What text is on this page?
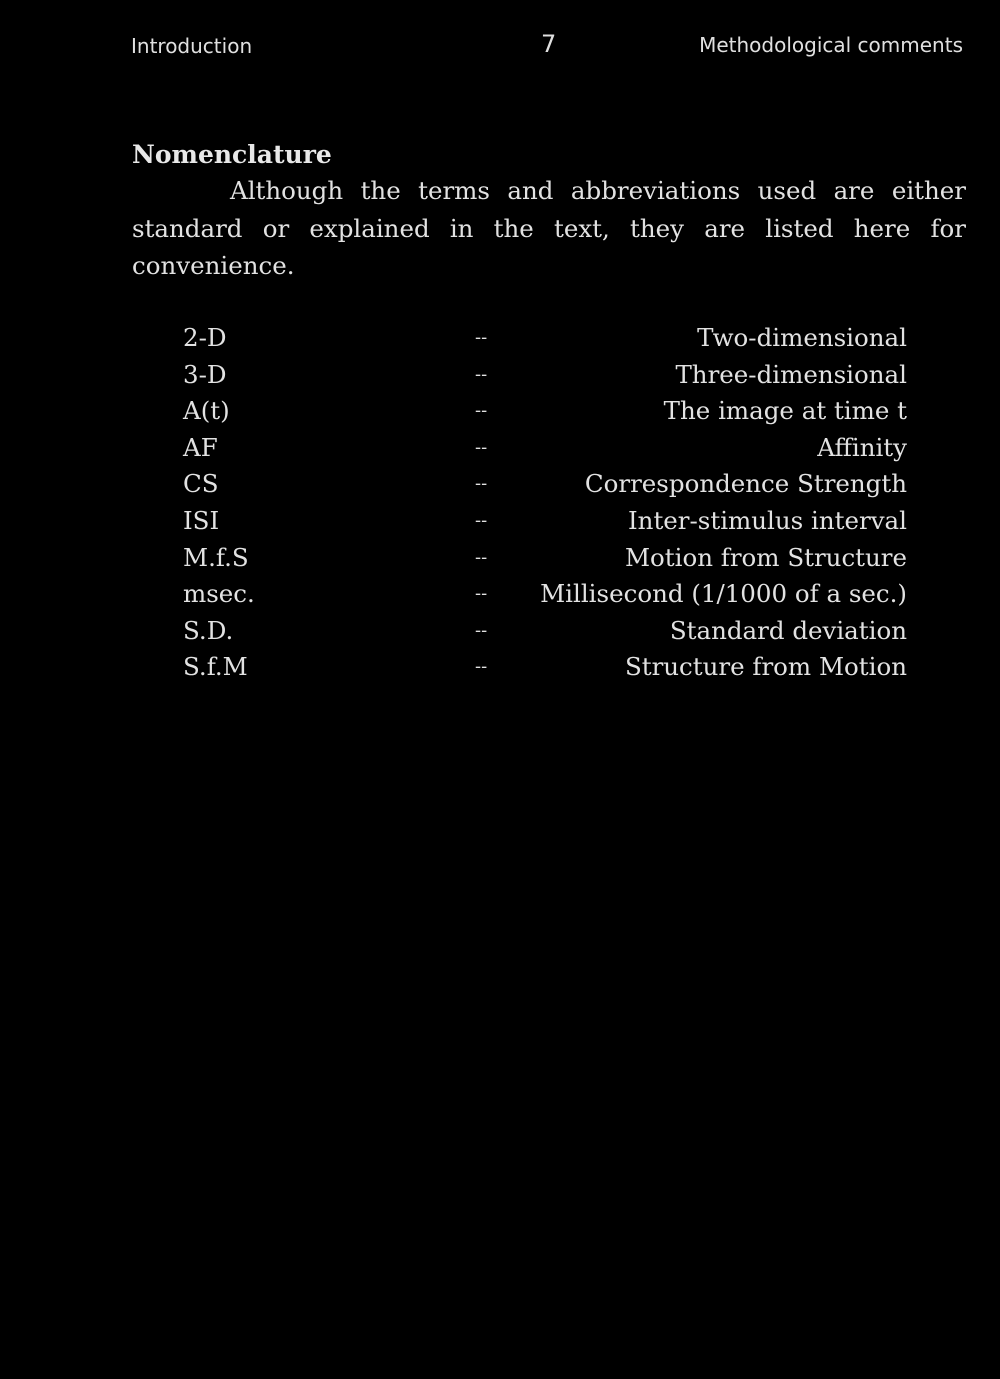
Introduction	7	Methodological comments
Nomenclature

Although the terms and abbreviations used are either standard or explained in the text, they are listed here for convenience.

2-D	--	Two-dimensional
3-D	--	Three-dimensional
A(t)	--	The image at time t
AF	--	Affinity
CS	--	Correspondence Strength
ISI	--	Inter-stimulus interval
M.f.S	--	Motion from Structure
msec.	-- Millisecond (1/1000 of a sec.)
S.D.	--	Standard deviation
S.f.M	--	Structure from Motion
